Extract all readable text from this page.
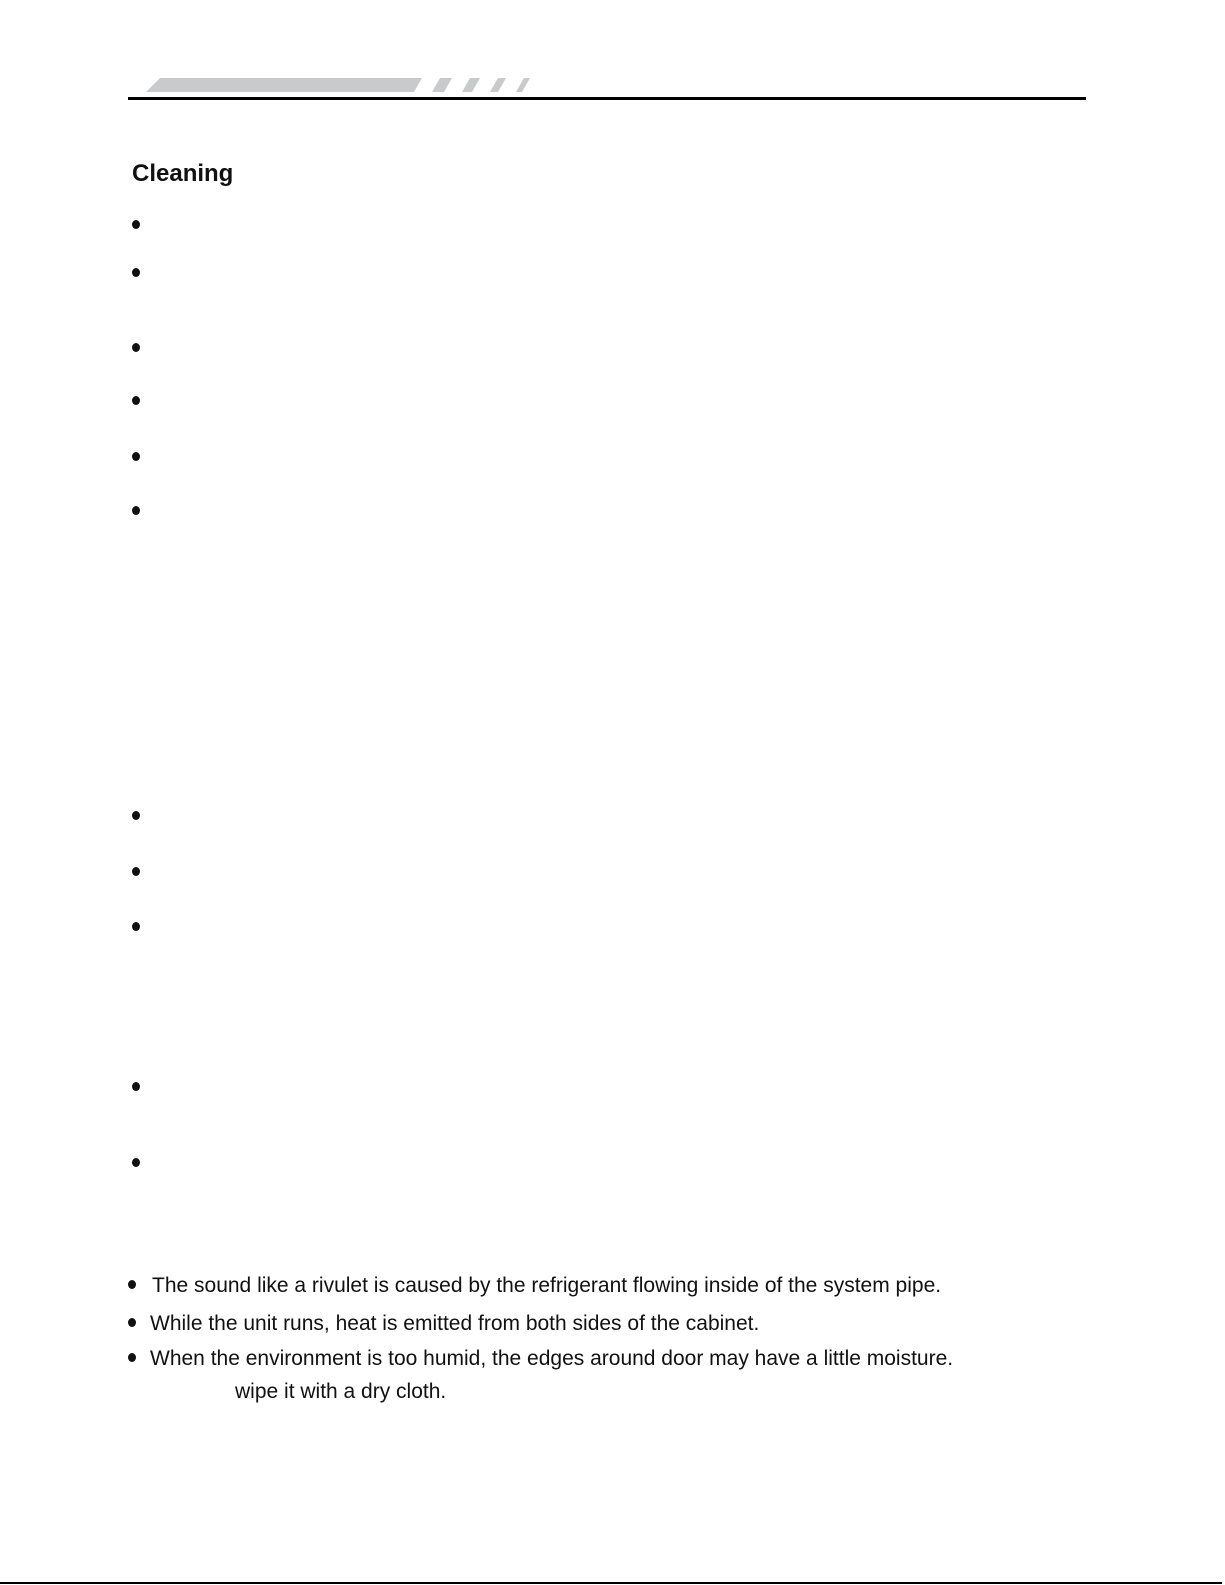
Cleaning
The sound like a rivulet is caused by the refrigerant flowing inside of the system pipe.
While the unit runs, heat is emitted from both sides of the cabinet.
When the environment is too humid, the edges around door may have a little moisture.
wipe it with a dry cloth.
